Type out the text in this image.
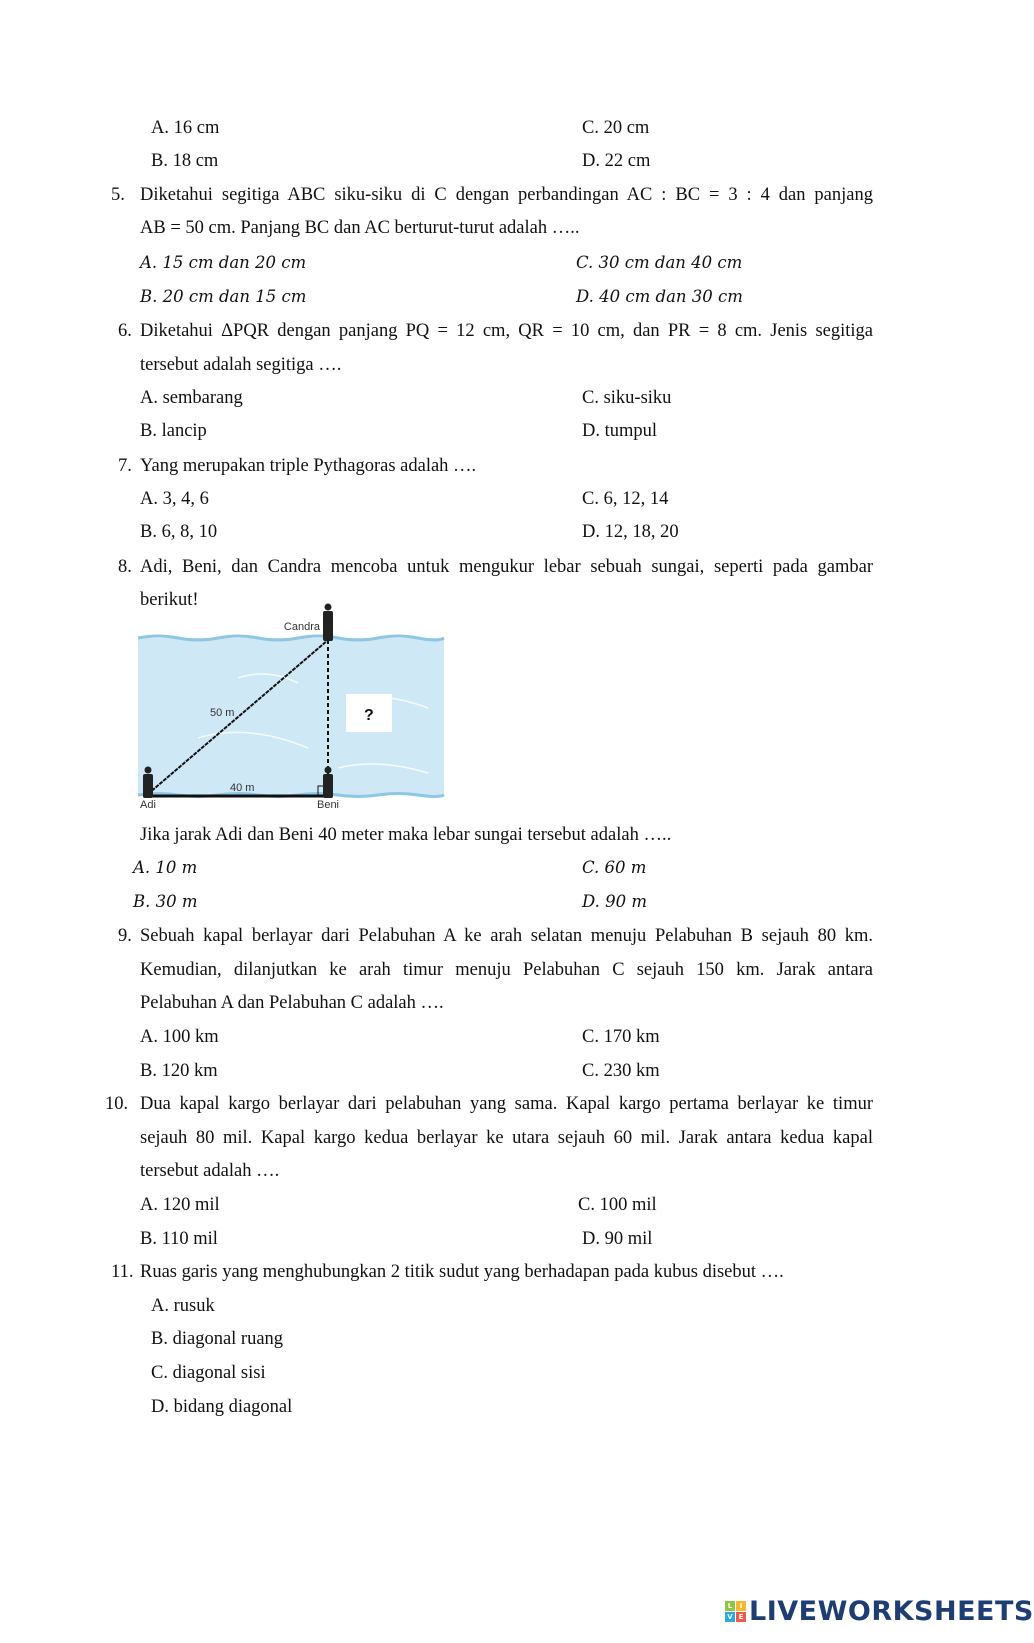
A. 16 cm	C. 20 cm
B. 18 cm	D. 22 cm
5. Diketahui segitiga ABC siku-siku di C dengan perbandingan AC : BC = 3 : 4 dan panjang
AB = 50 cm. Panjang BC dan AC berturut-turut adalah …..
A. 15 cm dan 20 cm	C. 30 cm dan 40 cm
B. 20 cm dan 15 cm	D. 40 cm dan 30 cm
6. Diketahui ΔPQR dengan panjang PQ = 12 cm, QR = 10 cm, dan PR = 8 cm. Jenis segitiga
tersebut adalah segitiga ….
A. sembarang	C. siku-siku
B. lancip	D. tumpul
7. Yang merupakan triple Pythagoras adalah ….
A. 3, 4, 6	C. 6, 12, 14
B. 6, 8, 10	D. 12, 18, 20
8. Adi, Beni, dan Candra mencoba untuk mengukur lebar sebuah sungai, seperti pada gambar
berikut!
Candra
Adi	Beni
50 m
40 m
?
Jika jarak Adi dan Beni 40 meter maka lebar sungai tersebut adalah …..
A. 10 m	C. 60 m
B. 30 m	D. 90 m
9. Sebuah kapal berlayar dari Pelabuhan A ke arah selatan menuju Pelabuhan B sejauh 80 km.
Kemudian, dilanjutkan ke arah timur menuju Pelabuhan C sejauh 150 km. Jarak antara
Pelabuhan A dan Pelabuhan C adalah ….
A. 100 km	C. 170 km
B. 120 km	C. 230 km
10. Dua kapal kargo berlayar dari pelabuhan yang sama. Kapal kargo pertama berlayar ke timur
sejauh 80 mil. Kapal kargo kedua berlayar ke utara sejauh 60 mil. Jarak antara kedua kapal
tersebut adalah ….
A. 120 mil	C. 100 mil
B. 110 mil	D. 90 mil
11. Ruas garis yang menghubungkan 2 titik sudut yang berhadapan pada kubus disebut ….
A. rusuk
B. diagonal ruang
C. diagonal sisi
D. bidang diagonal
L	I
V E LIVEWORKSHEETS
